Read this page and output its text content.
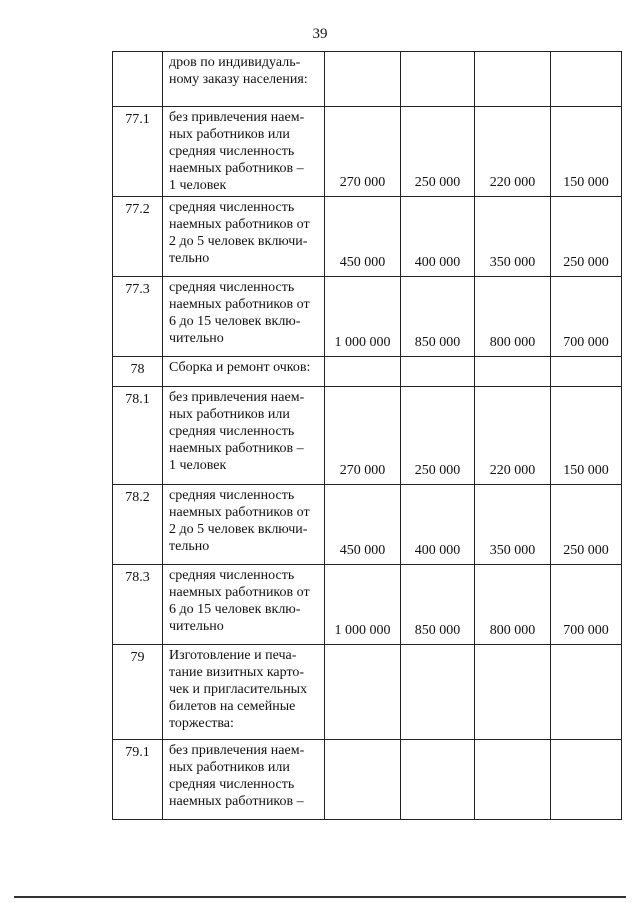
39

	дров по индивидуаль-
ному заказу населения:				

77.1	без привлечения наем-
ных работников или
средняя численность
наемных работников –
1 человек	270 000	250 000	220 000	150 000
77.2	средняя численность
наемных работников от
2 до 5 человек включи-
тельно	450 000	400 000	350 000	250 000
77.3	средняя численность
наемных работников от
6 до 15 человек вклю-
чительно	1 000 000	850 000	800 000	700 000
78	Сборка и ремонт очков:				

78.1	без привлечения наем-
ных работников или
средняя численность
наемных работников –
1 человек	270 000	250 000	220 000	150 000
78.2	средняя численность
наемных работников от
2 до 5 человек включи-
тельно	450 000	400 000	350 000	250 000
78.3	средняя численность
наемных работников от
6 до 15 человек вклю-
чительно	1 000 000	850 000	800 000	700 000
79	Изготовление и печа-
тание визитных карто-
чек и пригласительных
билетов на семейные
торжества:				

79.1	без привлечения наем-
ных работников или
средняя численность
наемных работников –				
